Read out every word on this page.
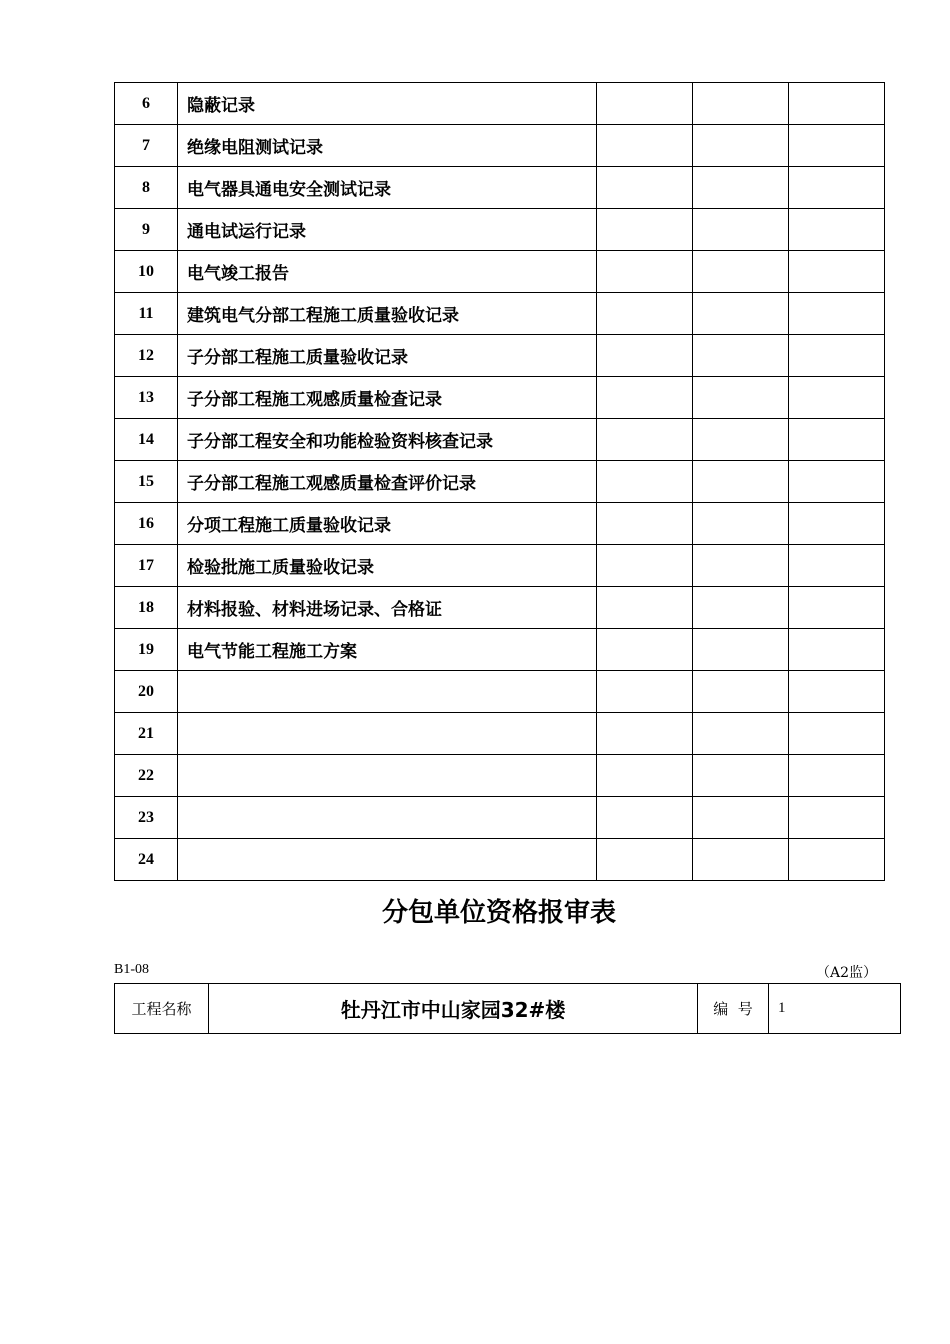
6	隐蔽记录			
7	绝缘电阻测试记录			
8	电气器具通电安全测试记录			
9	通电试运行记录			
10	电气竣工报告			
11	建筑电气分部工程施工质量验收记录			
12	子分部工程施工质量验收记录			
13	子分部工程施工观感质量检查记录			
14	子分部工程安全和功能检验资料核查记录			
15	子分部工程施工观感质量检查评价记录			
16	分项工程施工质量验收记录			
17	检验批施工质量验收记录			
18	材料报验、材料进场记录、合格证			
19	电气节能工程施工方案			
20				
21				
22				
23				
24				
分包单位资格报审表
B1-08	（A2监）
工程名称	牡丹江市中山家园32#楼	编  号	1
